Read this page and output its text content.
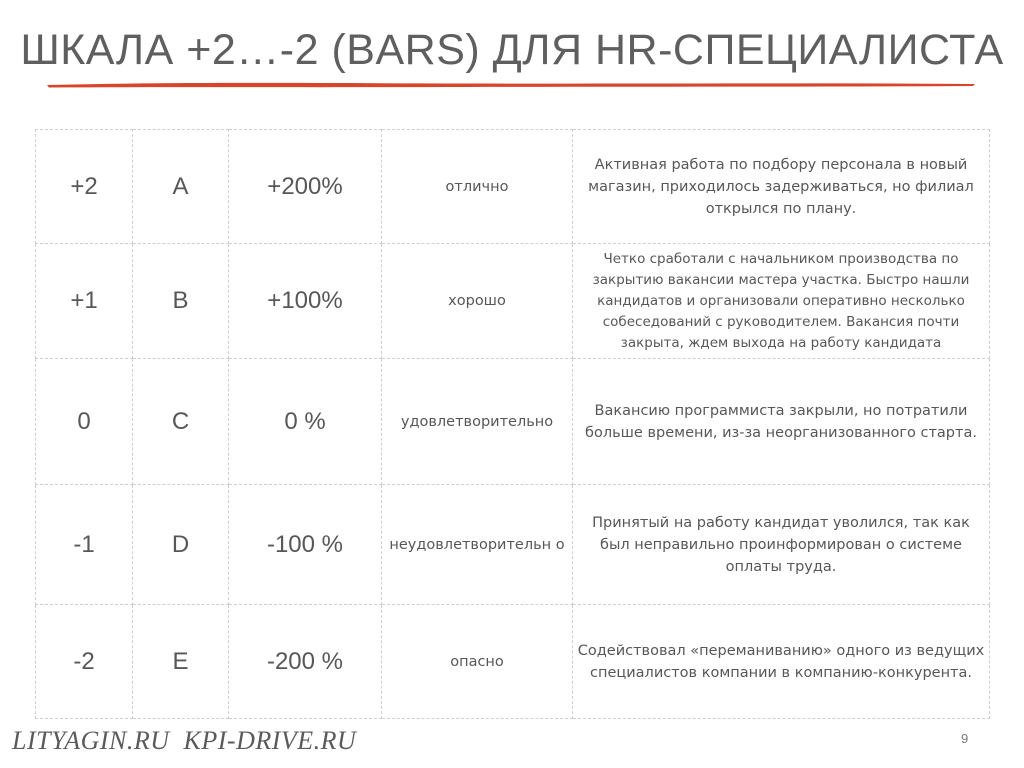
ШКАЛА +2…-2 (BARS) ДЛЯ HR-СПЕЦИАЛИСТА
+2	A	+200%	отлично	Активная работа по подбору персонала в новый магазин, приходилось задерживаться, но филиал открылся по плану.
+1	B	+100%	хорошо	Четко сработали с начальником производства по закрытию вакансии мастера участка. Быстро нашли кандидатов и организовали оперативно несколько собеседований с руководителем. Вакансия почти закрыта, ждем выхода на работу кандидата
0	C	0 %	удовлетворительно	Вакансию программиста закрыли, но потратили больше времени, из-за неорганизованного старта.
-1	D	-100 %	неудовлетворительн о	Принятый на работу кандидат уволился, так как был неправильно проинформирован о системе оплаты труда.
-2	E	-200 %	опасно	Содействовал «переманиванию» одного из ведущих специалистов компании в компанию-конкурента.
LITYAGIN.RU KPI-DRIVE.RU	9
